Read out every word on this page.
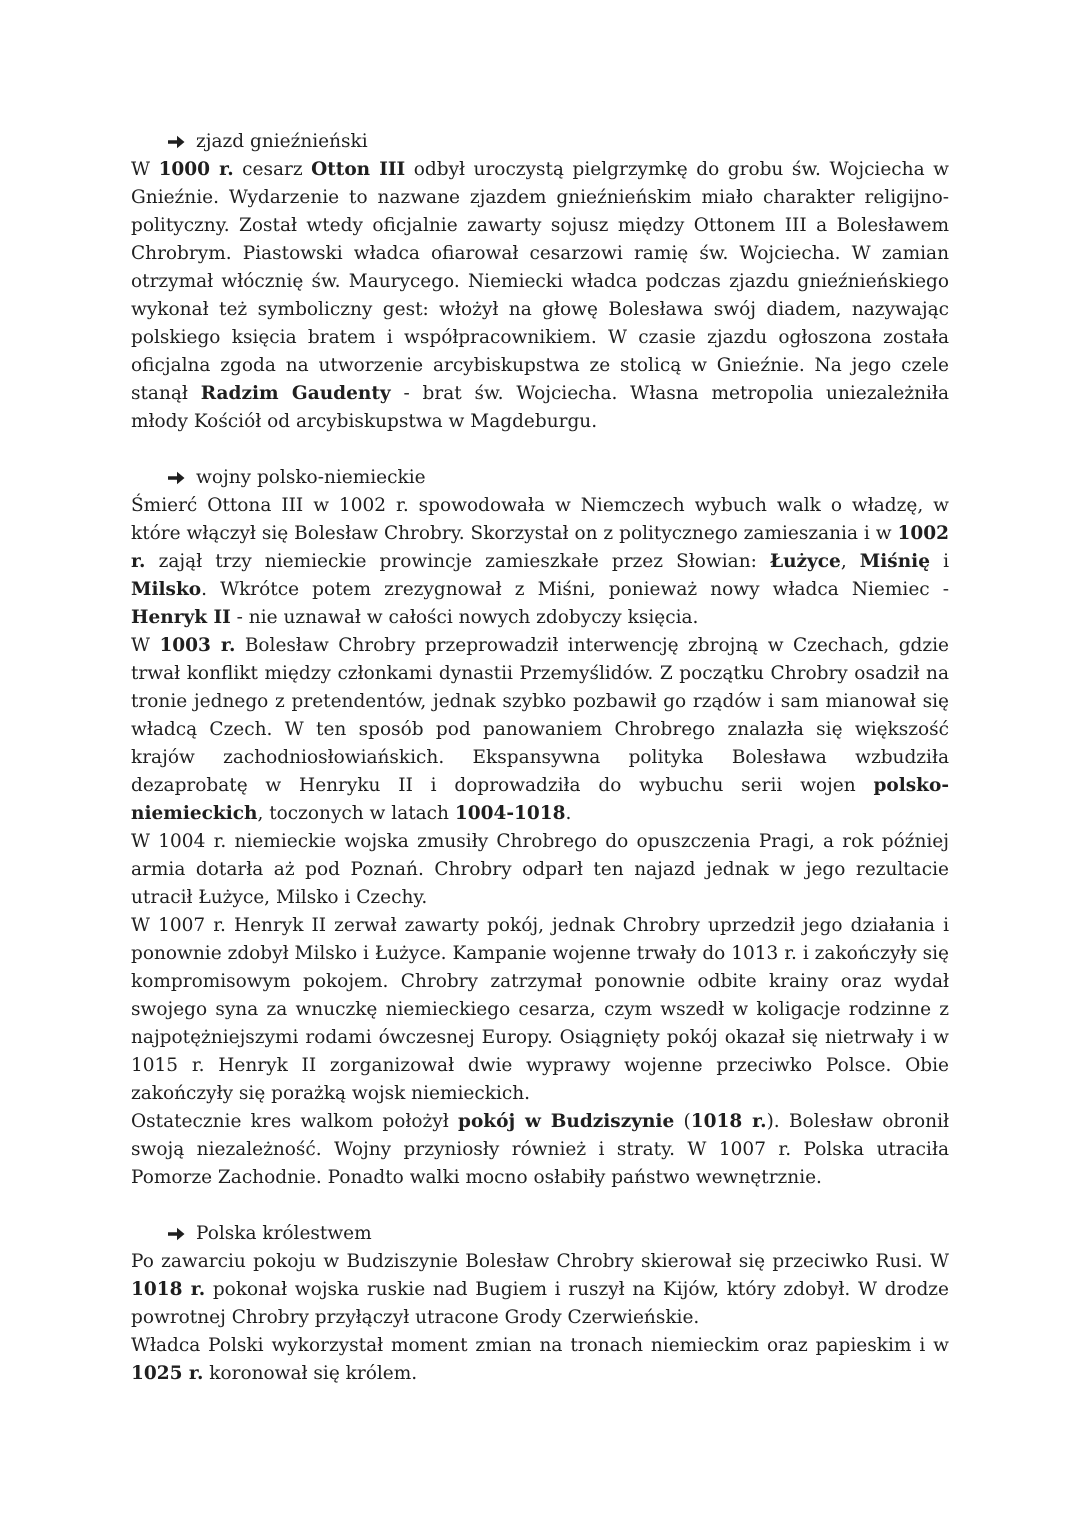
zjazd gnieźnieński

W 1000 r. cesarz Otton III odbył uroczystą pielgrzymkę do grobu św. Wojciecha w Gnieźnie. Wydarzenie to nazwane zjazdem gnieźnieńskim miało charakter religijno-polityczny. Został wtedy oficjalnie zawarty sojusz między Ottonem III a Bolesławem Chrobrym. Piastowski władca ofiarował cesarzowi ramię św. Wojciecha. W zamian otrzymał włócznię św. Maurycego. Niemiecki władca podczas zjazdu gnieźnieńskiego wykonał też symboliczny gest: włożył na głowę Bolesława swój diadem, nazywając polskiego księcia bratem i współpracownikiem. W czasie zjazdu ogłoszona została oficjalna zgoda na utworzenie arcybiskupstwa ze stolicą w Gnieźnie. Na jego czele stanął Radzim Gaudenty - brat św. Wojciecha. Własna metropolia uniezależniła młody Kościół od arcybiskupstwa w Magdeburgu.

wojny polsko-niemieckie

Śmierć Ottona III w 1002 r. spowodowała w Niemczech wybuch walk o władzę, w które włączył się Bolesław Chrobry. Skorzystał on z politycznego zamieszania i w 1002 r. zajął trzy niemieckie prowincje zamieszkałe przez Słowian: Łużyce, Miśnię i Milsko. Wkrótce potem zrezygnował z Miśni, ponieważ nowy władca Niemiec - Henryk II - nie uznawał w całości nowych zdobyczy księcia.

W 1003 r. Bolesław Chrobry przeprowadził interwencję zbrojną w Czechach, gdzie trwał konflikt między członkami dynastii Przemyślidów. Z początku Chrobry osadził na tronie jednego z pretendentów, jednak szybko pozbawił go rządów i sam mianował się władcą Czech. W ten sposób pod panowaniem Chrobrego znalazła się większość krajów zachodniosłowiańskich. Ekspansywna polityka Bolesława wzbudziła dezaprobatę w Henryku II i doprowadziła do wybuchu serii wojen polsko-niemieckich, toczonych w latach 1004-1018.

W 1004 r. niemieckie wojska zmusiły Chrobrego do opuszczenia Pragi, a rok później armia dotarła aż pod Poznań. Chrobry odparł ten najazd jednak w jego rezultacie utracił Łużyce, Milsko i Czechy.

W 1007 r. Henryk II zerwał zawarty pokój, jednak Chrobry uprzedził jego działania i ponownie zdobył Milsko i Łużyce. Kampanie wojenne trwały do 1013 r. i zakończyły się kompromisowym pokojem. Chrobry zatrzymał ponownie odbite krainy oraz wydał swojego syna za wnuczkę niemieckiego cesarza, czym wszedł w koligacje rodzinne z najpotężniejszymi rodami ówczesnej Europy. Osiągnięty pokój okazał się nietrwały i w 1015 r. Henryk II zorganizował dwie wyprawy wojenne przeciwko Polsce. Obie zakończyły się porażką wojsk niemieckich.

Ostatecznie kres walkom położył pokój w Budziszynie (1018 r.). Bolesław obronił swoją niezależność. Wojny przyniosły również i straty. W 1007 r. Polska utraciła Pomorze Zachodnie. Ponadto walki mocno osłabiły państwo wewnętrznie.

Polska królestwem

Po zawarciu pokoju w Budziszynie Bolesław Chrobry skierował się przeciwko Rusi. W 1018 r. pokonał wojska ruskie nad Bugiem i ruszył na Kijów, który zdobył. W drodze powrotnej Chrobry przyłączył utracone Grody Czerwieńskie.

Władca Polski wykorzystał moment zmian na tronach niemieckim oraz papieskim i w 1025 r. koronował się królem.
